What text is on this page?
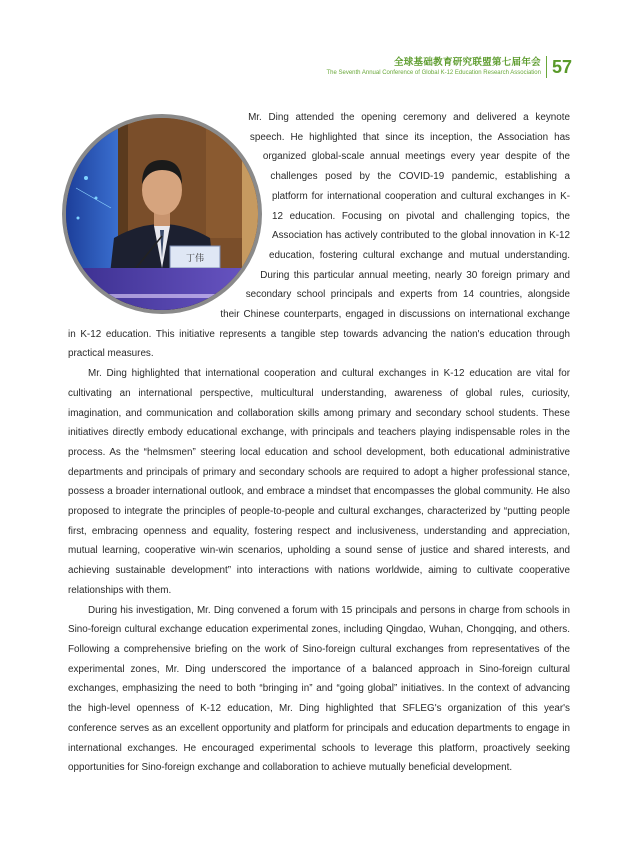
全球基础教育研究联盟第七届年会
The Seventh Annual Conference of Global K-12 Education Research Association 57
丁伟

Mr. Ding attended the opening ceremony and delivered a keynote speech. He highlighted that since its inception, the Association has organized global-scale annual meetings every year despite of the challenges posed by the COVID-19 pandemic, establishing a platform for international cooperation and cultural exchanges in K-12 education. Focusing on pivotal and challenging topics, the Association has actively contributed to the global innovation in K-12 education, fostering cultural exchange and mutual understanding. During this particular annual meeting, nearly 30 foreign primary and secondary school principals and experts from 14 countries, alongside their Chinese counterparts, engaged in discussions on international exchange in K-12 education. This initiative represents a tangible step towards advancing the nation's education through practical measures.

Mr. Ding highlighted that international cooperation and cultural exchanges in K-12 education are vital for cultivating an international perspective, multicultural understanding, awareness of global rules, curiosity, imagination, and communication and collaboration skills among primary and secondary school students. These initiatives directly embody educational exchange, with principals and teachers playing indispensable roles in the process. As the “helmsmen” steering local education and school development, both educational administrative departments and principals of primary and secondary schools are required to adopt a higher professional stance, possess a broader international outlook, and embrace a mindset that encompasses the global community. He also proposed to integrate the principles of people-to-people and cultural exchanges, characterized by “putting people first, embracing openness and equality, fostering respect and inclusiveness, understanding and appreciation, mutual learning, cooperative win-win scenarios, upholding a sound sense of justice and shared interests, and achieving sustainable development” into interactions with nations worldwide, aiming to cultivate cooperative relationships with them.

During his investigation, Mr. Ding convened a forum with 15 principals and persons in charge from schools in Sino-foreign cultural exchange education experimental zones, including Qingdao, Wuhan, Chongqing, and others. Following a comprehensive briefing on the work of Sino-foreign cultural exchanges from representatives of the experimental zones, Mr. Ding underscored the importance of a balanced approach in Sino-foreign cultural exchanges, emphasizing the need to both “bringing in” and “going global” initiatives. In the context of advancing the high-level openness of K-12 education, Mr. Ding highlighted that SFLEG's organization of this year's conference serves as an excellent opportunity and platform for principals and education departments to engage in international exchanges. He encouraged experimental schools to leverage this platform, proactively seeking opportunities for Sino-foreign exchange and collaboration to achieve mutually beneficial development.
